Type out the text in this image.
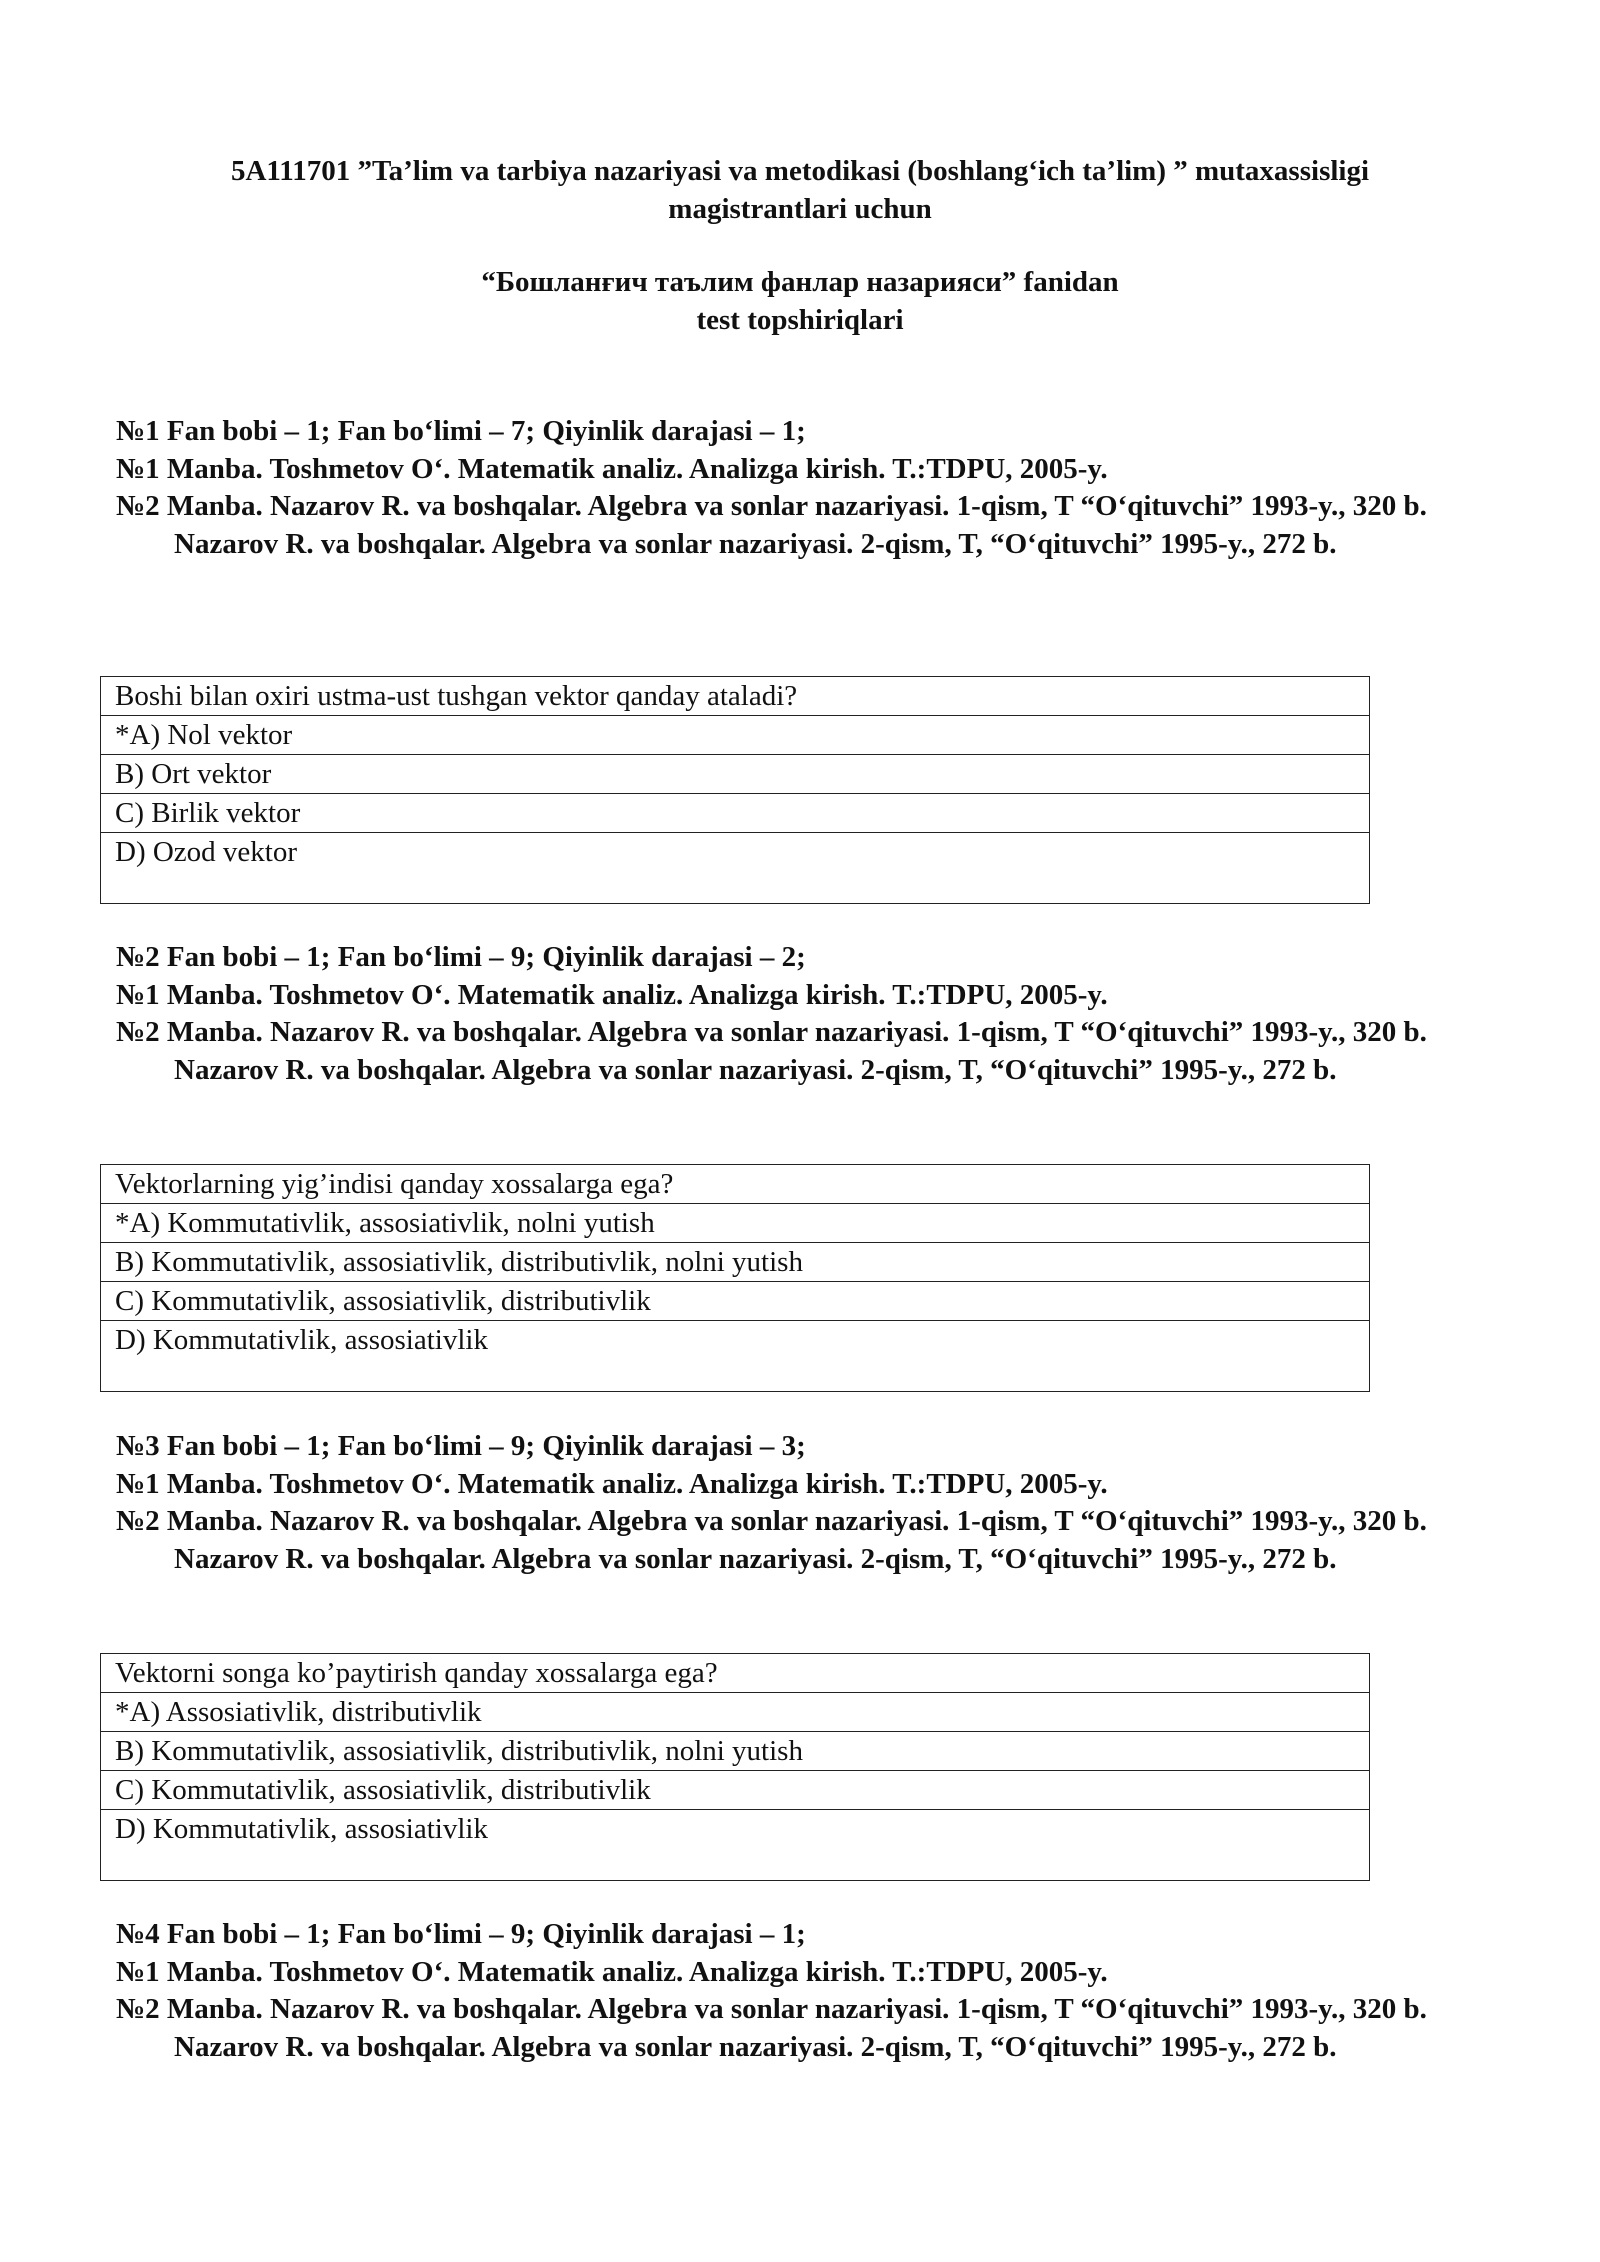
5A111701 ”Ta’lim va tarbiya nazariyasi va metodikasi (boshlang‘ich ta’lim) ” mutaxassisligi
magistrantlari uchun
“Бошланғич таълим фанлар назарияси” fanidan
test topshiriqlari
№1 Fan bobi – 1; Fan bo‘limi – 7; Qiyinlik darajasi – 1;
№1 Manba. Toshmetov O‘. Matematik analiz. Analizga kirish. T.:TDPU, 2005-y.
№2 Manba. Nazarov R. va boshqalar. Algebra va sonlar nazariyasi. 1-qism, T “O‘qituvchi” 1993-y., 320 b. Nazarov R. va boshqalar. Algebra va sonlar nazariyasi. 2-qism, T, “O‘qituvchi” 1995-y., 272 b.
Boshi bilan oxiri ustma-ust tushgan vektor qanday ataladi?
*A) Nol vektor
B) Ort vektor
C) Birlik vektor
D) Ozod vektor
№2 Fan bobi – 1; Fan bo‘limi – 9; Qiyinlik darajasi – 2;
№1 Manba. Toshmetov O‘. Matematik analiz. Analizga kirish. T.:TDPU, 2005-y.
№2 Manba. Nazarov R. va boshqalar. Algebra va sonlar nazariyasi. 1-qism, T “O‘qituvchi” 1993-y., 320 b. Nazarov R. va boshqalar. Algebra va sonlar nazariyasi. 2-qism, T, “O‘qituvchi” 1995-y., 272 b.
Vektorlarning yig’indisi qanday xossalarga ega?
*A) Kommutativlik, assosiativlik, nolni yutish
B) Kommutativlik, assosiativlik, distributivlik, nolni yutish
C) Kommutativlik, assosiativlik, distributivlik
D) Kommutativlik, assosiativlik
№3 Fan bobi – 1; Fan bo‘limi – 9; Qiyinlik darajasi – 3;
№1 Manba. Toshmetov O‘. Matematik analiz. Analizga kirish. T.:TDPU, 2005-y.
№2 Manba. Nazarov R. va boshqalar. Algebra va sonlar nazariyasi. 1-qism, T “O‘qituvchi” 1993-y., 320 b. Nazarov R. va boshqalar. Algebra va sonlar nazariyasi. 2-qism, T, “O‘qituvchi” 1995-y., 272 b.
Vektorni songa ko’paytirish qanday xossalarga ega?
*A) Assosiativlik, distributivlik
B) Kommutativlik, assosiativlik, distributivlik, nolni yutish
C) Kommutativlik, assosiativlik, distributivlik
D) Kommutativlik, assosiativlik
№4 Fan bobi – 1; Fan bo‘limi – 9; Qiyinlik darajasi – 1;
№1 Manba. Toshmetov O‘. Matematik analiz. Analizga kirish. T.:TDPU, 2005-y.
№2 Manba. Nazarov R. va boshqalar. Algebra va sonlar nazariyasi. 1-qism, T “O‘qituvchi” 1993-y., 320 b. Nazarov R. va boshqalar. Algebra va sonlar nazariyasi. 2-qism, T, “O‘qituvchi” 1995-y., 272 b.
